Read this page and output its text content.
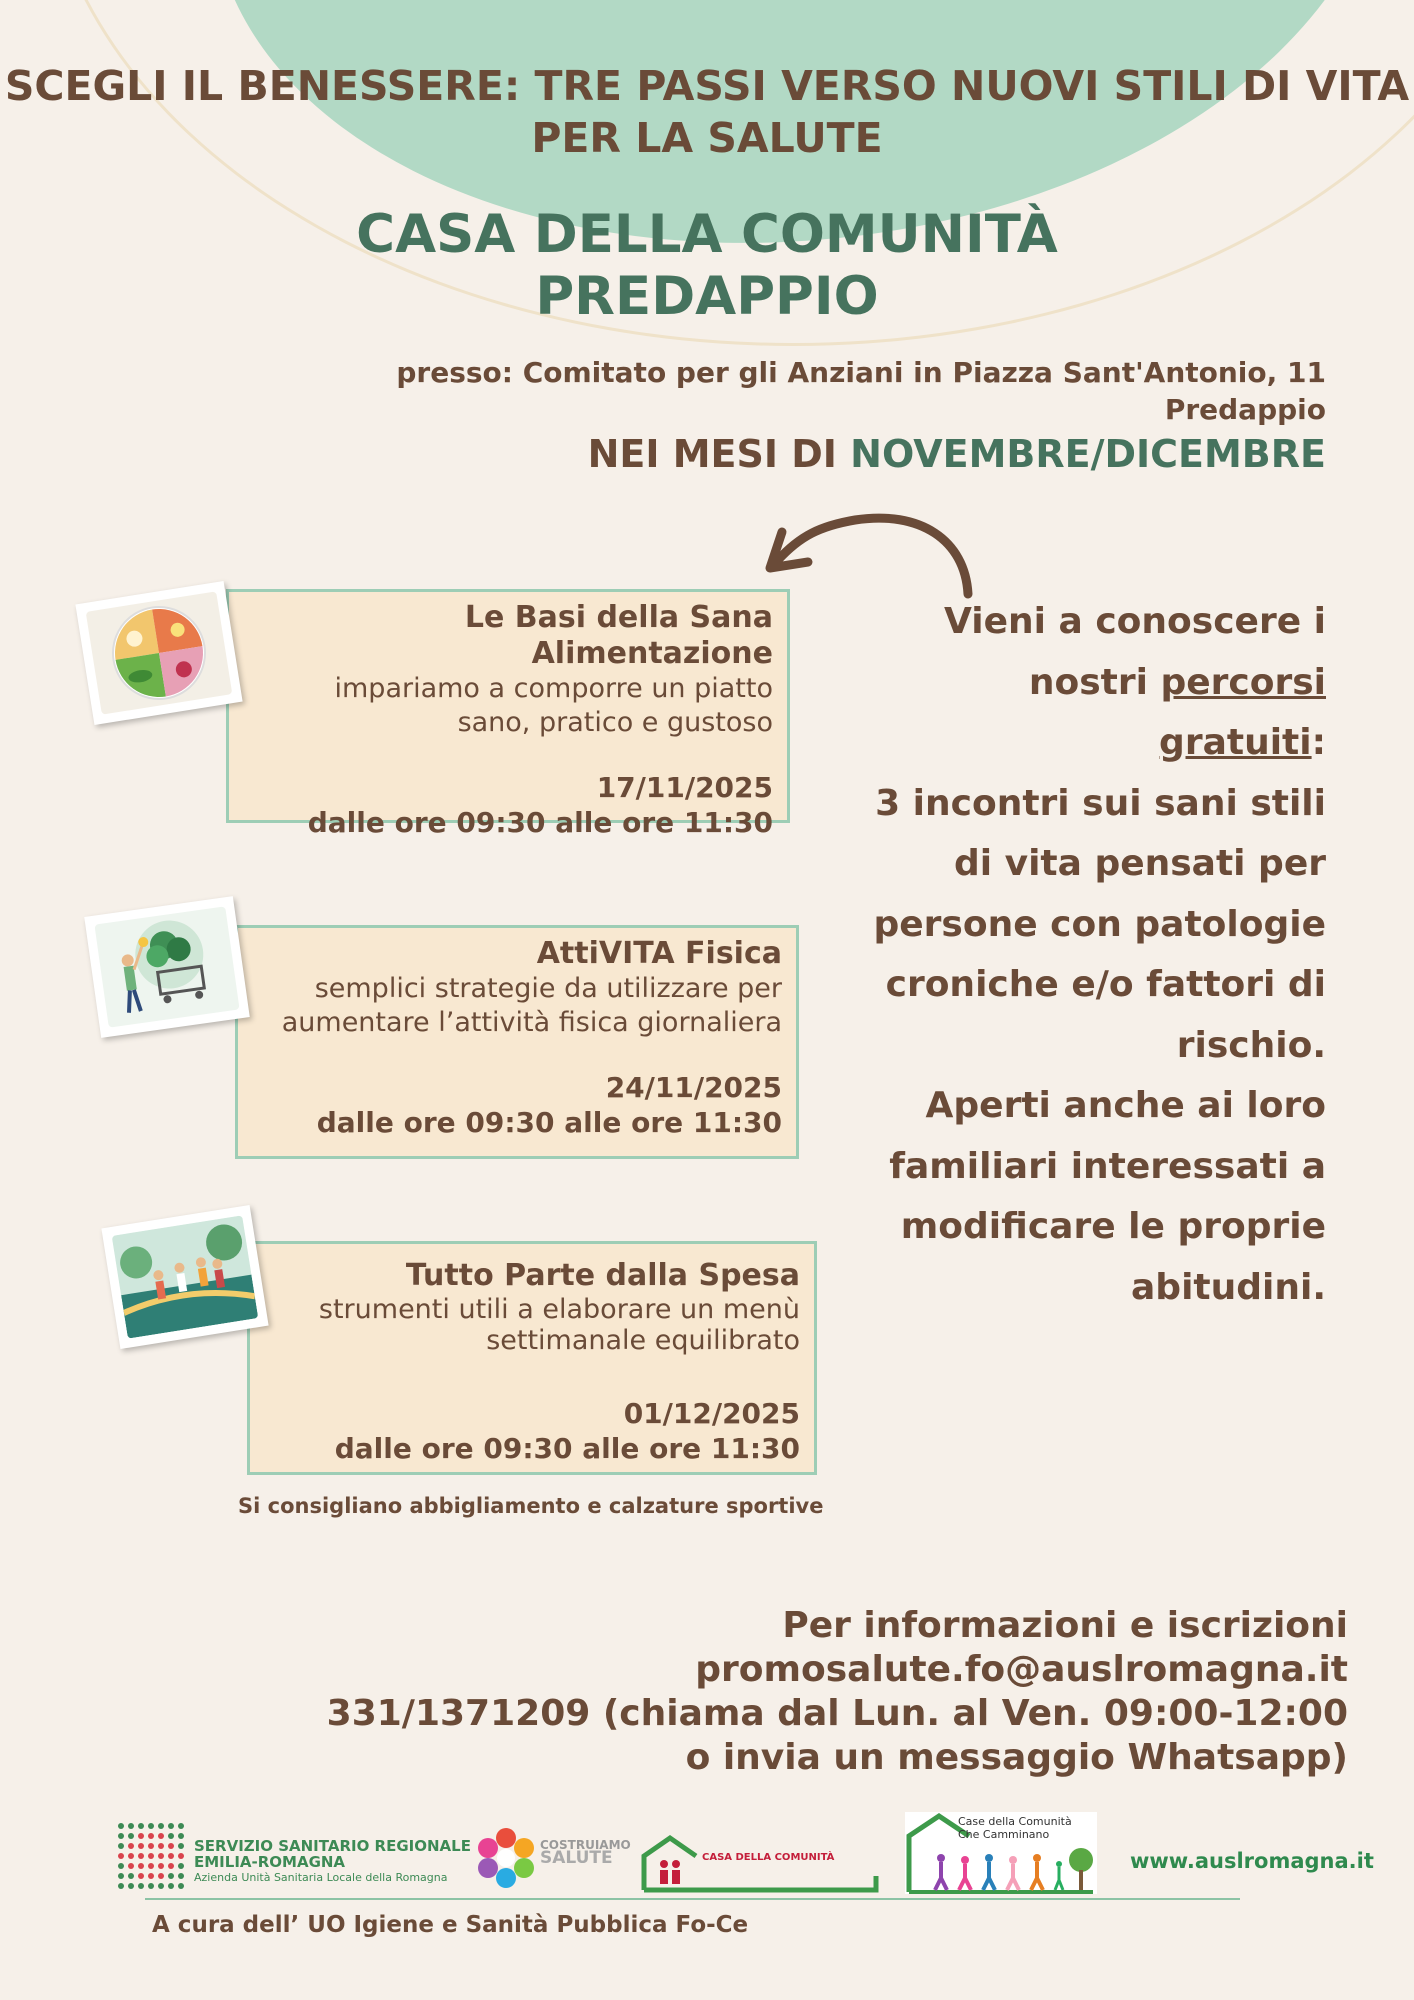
SCEGLI IL BENESSERE: TRE PASSI VERSO NUOVI STILI DI VITA
PER LA SALUTE
CASA DELLA COMUNITÀ
PREDAPPIO
presso: Comitato per gli Anziani in Piazza Sant'Antonio, 11
Predappio
NEI MESI DI NOVEMBRE/DICEMBRE
Le Basi della Sana Alimentazione
impariamo a comporre un piatto
sano, pratico e gustoso
17/11/2025
dalle ore 09:30 alle ore 11:30
AttiVITA Fisica
semplici strategie da utilizzare per
aumentare l’attività fisica giornaliera
24/11/2025
dalle ore 09:30 alle ore 11:30
Tutto Parte dalla Spesa
strumenti utili a elaborare un menù
settimanale equilibrato
01/12/2025
dalle ore 09:30 alle ore 11:30
Si consigliano abbigliamento e calzature sportive
Vieni a conoscere i
nostri percorsi gratuiti:
3 incontri sui sani stili
di vita pensati per
persone con patologie
croniche e/o fattori di
rischio.
Aperti anche ai loro
familiari interessati a
modificare le proprie
abitudini.
Per informazioni e iscrizioni
promosalute.fo@auslromagna.it
331/1371209 (chiama dal Lun. al Ven. 09:00-12:00
o invia un messaggio Whatsapp)
SERVIZIO SANITARIO REGIONALE
EMILIA-ROMAGNA
Azienda Unità Sanitaria Locale della Romagna
COSTRUIAMO
SALUTE	CASA DELLA COMUNITÀ
Case della Comunità
Che Camminano
www.auslromagna.it
A cura dell’ UO Igiene e Sanità Pubblica Fo-Ce
